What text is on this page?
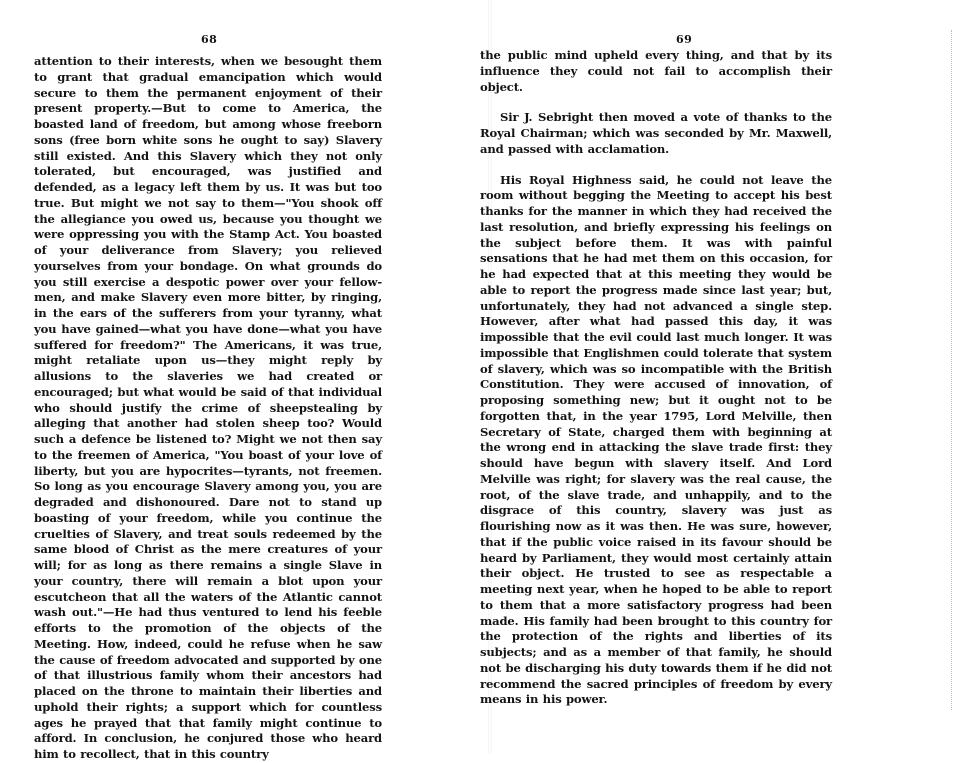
68

attention to their interests, when we besought them to grant that gradual emancipation which would secure to them the permanent enjoyment of their present property.—But to come to America, the boasted land of freedom, but among whose freeborn sons (free born white sons he ought to say) Slavery still existed. And this Slavery which they not only tolerated, but encouraged, was justified and defended, as a legacy left them by us. It was but too true. But might we not say to them—"You shook off the allegiance you owed us, because you thought we were oppressing you with the Stamp Act. You boasted of your deliverance from Slavery; you relieved yourselves from your bondage. On what grounds do you still exercise a despotic power over your fellow-men, and make Slavery even more bitter, by ringing, in the ears of the sufferers from your tyranny, what you have gained—what you have done—what you have suffered for freedom?" The Americans, it was true, might retaliate upon us—they might reply by allusions to the slaveries we had created or encouraged; but what would be said of that individual who should justify the crime of sheepstealing by alleging that another had stolen sheep too? Would such a defence be listened to? Might we not then say to the freemen of America, "You boast of your love of liberty, but you are hypocrites—tyrants, not freemen. So long as you encourage Slavery among you, you are degraded and dishonoured. Dare not to stand up boasting of your freedom, while you continue the cruelties of Slavery, and treat souls redeemed by the same blood of Christ as the mere creatures of your will; for as long as there remains a single Slave in your country, there will remain a blot upon your escutcheon that all the waters of the Atlantic cannot wash out."—He had thus ventured to lend his feeble efforts to the promotion of the objects of the Meeting. How, indeed, could he refuse when he saw the cause of freedom advocated and supported by one of that illustrious family whom their ancestors had placed on the throne to maintain their liberties and uphold their rights; a support which for countless ages he prayed that that family might continue to afford. In conclusion, he conjured those who heard him to recollect, that in this country

69

the public mind upheld every thing, and that by its influence they could not fail to accomplish their object.

Sir J. Sebright then moved a vote of thanks to the Royal Chairman; which was seconded by Mr. Maxwell, and passed with acclamation.

His Royal Highness said, he could not leave the room without begging the Meeting to accept his best thanks for the manner in which they had received the last resolution, and briefly expressing his feelings on the subject before them. It was with painful sensations that he had met them on this occasion, for he had expected that at this meeting they would be able to report the progress made since last year; but, unfortunately, they had not advanced a single step. However, after what had passed this day, it was impossible that the evil could last much longer. It was impossible that Englishmen could tolerate that system of slavery, which was so incompatible with the British Constitution. They were accused of innovation, of proposing something new; but it ought not to be forgotten that, in the year 1795, Lord Melville, then Secretary of State, charged them with beginning at the wrong end in attacking the slave trade first: they should have begun with slavery itself. And Lord Melville was right; for slavery was the real cause, the root, of the slave trade, and unhappily, and to the disgrace of this country, slavery was just as flourishing now as it was then. He was sure, however, that if the public voice raised in its favour should be heard by Parliament, they would most certainly attain their object. He trusted to see as respectable a meeting next year, when he hoped to be able to report to them that a more satisfactory progress had been made. His family had been brought to this country for the protection of the rights and liberties of its subjects; and as a member of that family, he should not be discharging his duty towards them if he did not recommend the sacred principles of freedom by every means in his power.
